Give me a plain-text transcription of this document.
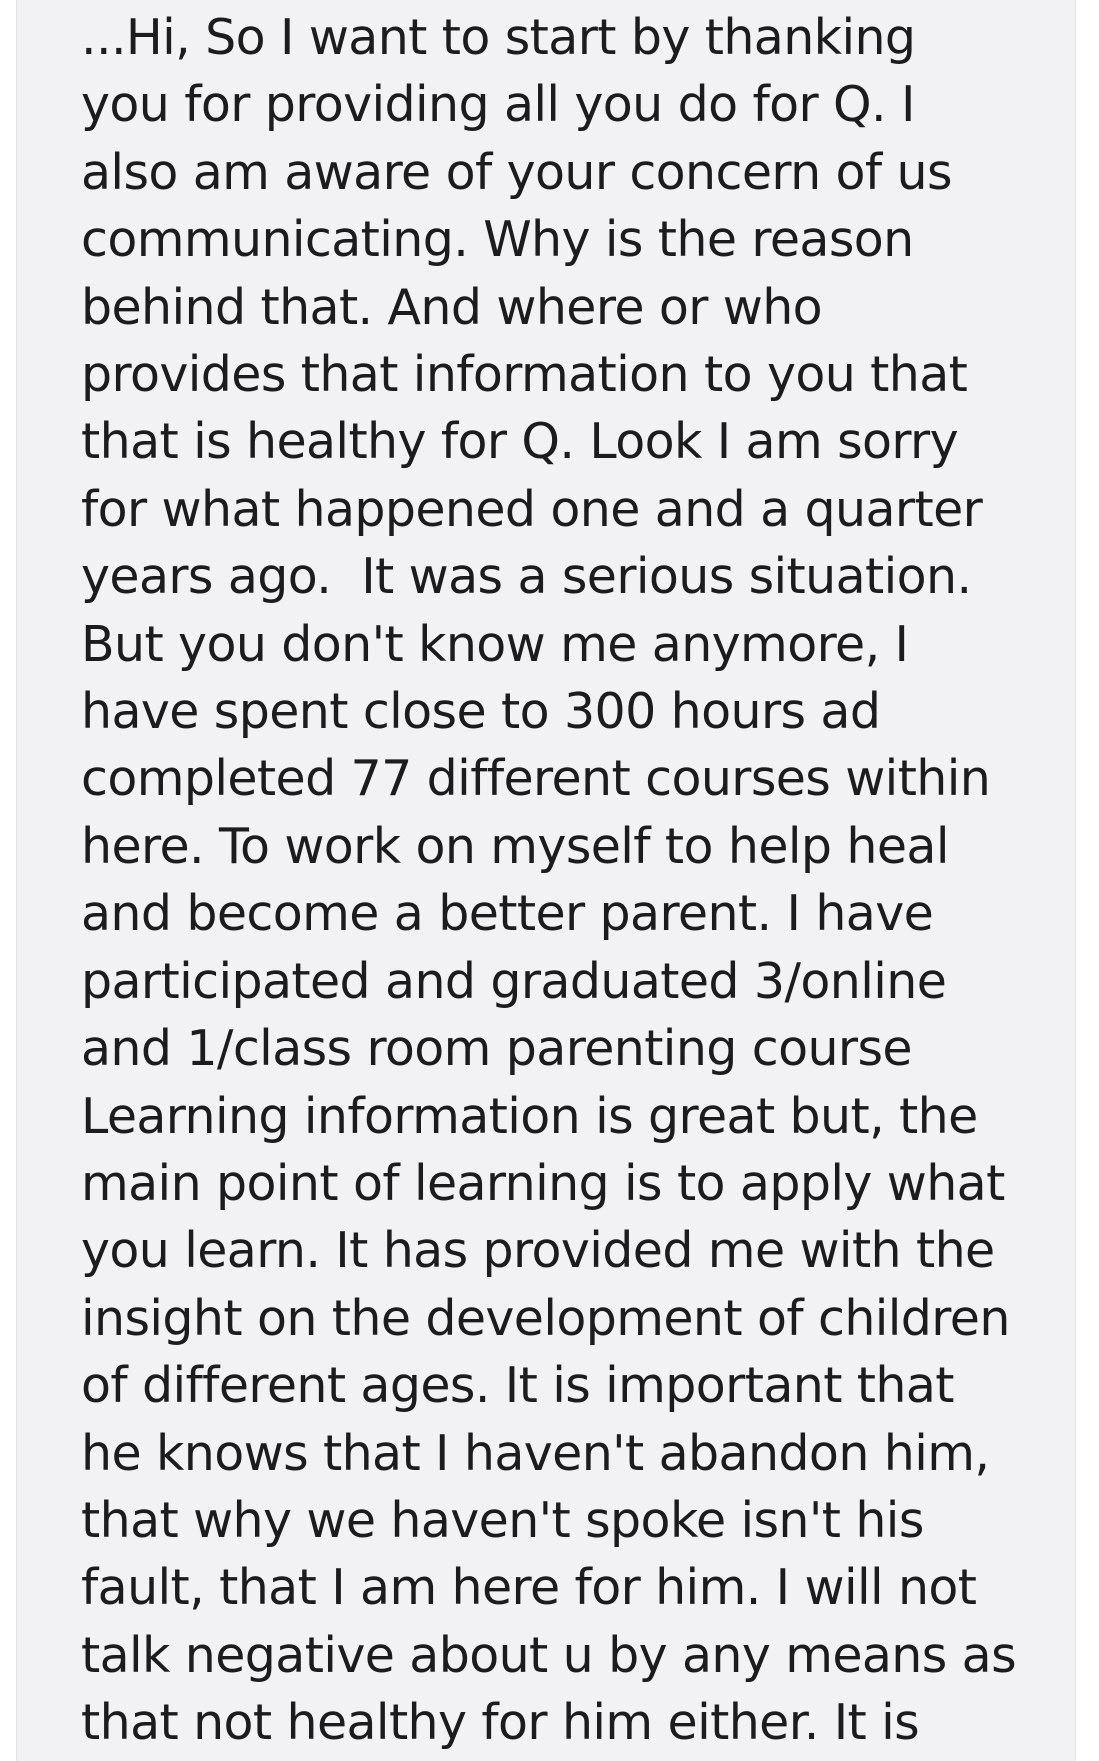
...Hi, So I want to start by thanking
you for providing all you do for Q. I
also am aware of your concern of us
communicating. Why is the reason
behind that. And where or who
provides that information to you that
that is healthy for Q. Look I am sorry
for what happened one and a quarter
years ago.  It was a serious situation.
But you don't know me anymore, I
have spent close to 300 hours ad
completed 77 different courses within
here. To work on myself to help heal
and become a better parent. I have
participated and graduated 3/online
and 1/class room parenting course
Learning information is great but, the
main point of learning is to apply what
you learn. It has provided me with the
insight on the development of children
of different ages. It is important that
he knows that I haven't abandon him,
that why we haven't spoke isn't his
fault, that I am here for him. I will not
talk negative about u by any means as
that not healthy for him either. It is
